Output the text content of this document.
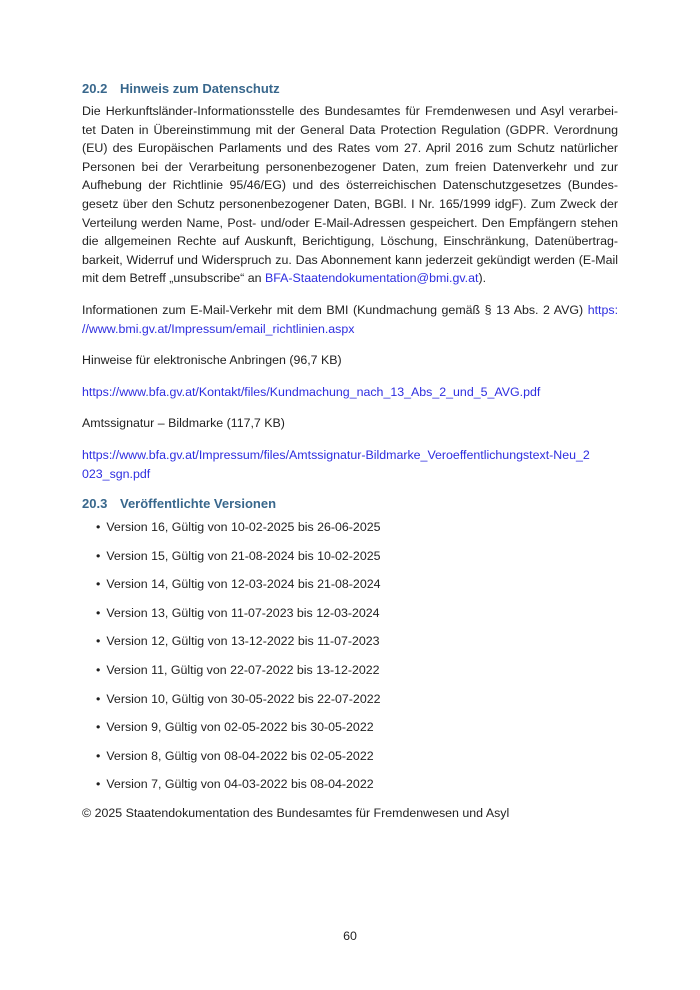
20.2 Hinweis zum Datenschutz
Die Herkunftsländer-Informationsstelle des Bundesamtes für Fremdenwesen und Asyl verarbei-
tet Daten in Übereinstimmung mit der General Data Protection Regulation (GDPR. Verordnung
(EU) des Europäischen Parlaments und des Rates vom 27. April 2016 zum Schutz natürlicher
Personen bei der Verarbeitung personenbezogener Daten, zum freien Datenverkehr und zur
Aufhebung der Richtlinie 95/46/EG) und des österreichischen Datenschutzgesetzes (Bundes-
gesetz über den Schutz personenbezogener Daten, BGBl. I Nr. 165/1999 idgF). Zum Zweck der
Verteilung werden Name, Post- und/oder E-Mail-Adressen gespeichert. Den Empfängern stehen
die allgemeinen Rechte auf Auskunft, Berichtigung, Löschung, Einschränkung, Datenübertrag-
barkeit, Widerruf und Widerspruch zu. Das Abonnement kann jederzeit gekündigt werden (E-Mail
mit dem Betreff „unsubscribe“ an BFA-Staatendokumentation@bmi.gv.at).
Informationen zum E-Mail-Verkehr mit dem BMI (Kundmachung gemäß § 13 Abs. 2 AVG) https:
//www.bmi.gv.at/Impressum/email_richtlinien.aspx
Hinweise für elektronische Anbringen (96,7 KB)
https://www.bfa.gv.at/Kontakt/files/Kundmachung_nach_13_Abs_2_und_5_AVG.pdf
Amtssignatur – Bildmarke (117,7 KB)
https://www.bfa.gv.at/Impressum/files/Amtssignatur-Bildmarke_Veroeffentlichungstext-Neu_2
023_sgn.pdf
20.3 Veröffentlichte Versionen
• Version 16, Gültig von 10-02-2025 bis 26-06-2025
• Version 15, Gültig von 21-08-2024 bis 10-02-2025
• Version 14, Gültig von 12-03-2024 bis 21-08-2024
• Version 13, Gültig von 11-07-2023 bis 12-03-2024
• Version 12, Gültig von 13-12-2022 bis 11-07-2023
• Version 11, Gültig von 22-07-2022 bis 13-12-2022
• Version 10, Gültig von 30-05-2022 bis 22-07-2022
• Version 9, Gültig von 02-05-2022 bis 30-05-2022
• Version 8, Gültig von 08-04-2022 bis 02-05-2022
• Version 7, Gültig von 04-03-2022 bis 08-04-2022
© 2025 Staatendokumentation des Bundesamtes für Fremdenwesen und Asyl
60
